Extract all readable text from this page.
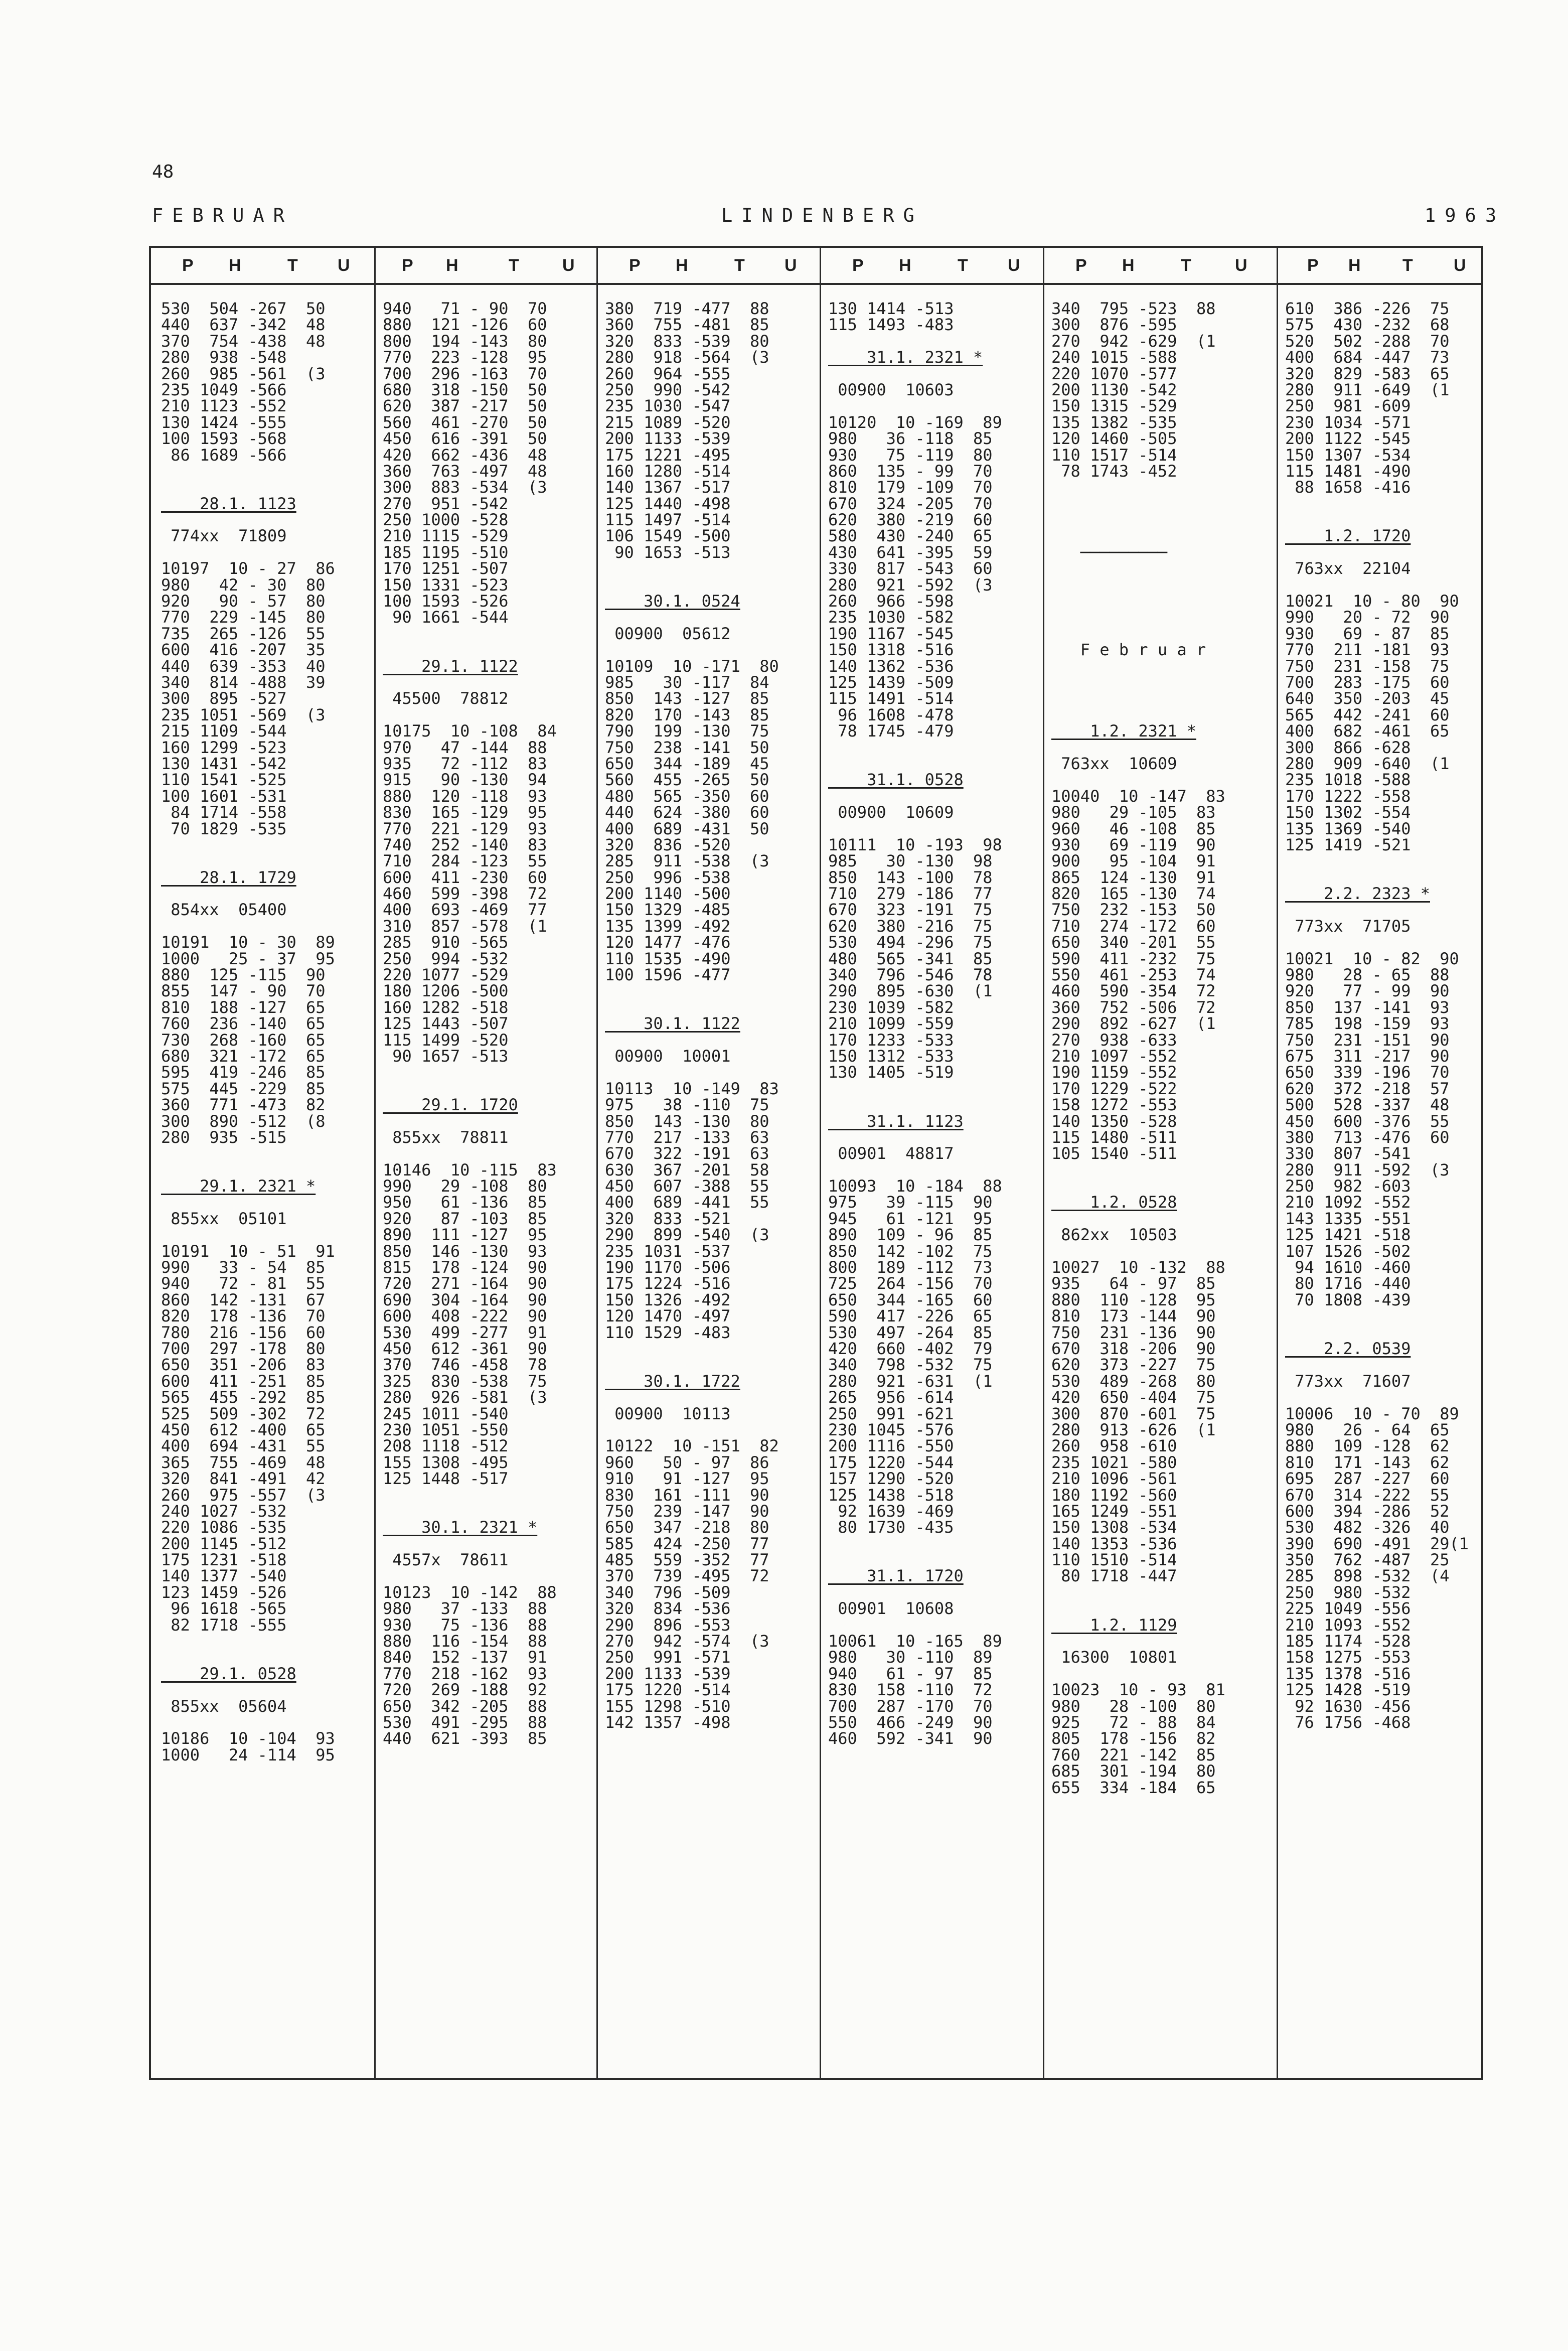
48
FEBRUAR	LINDENBERG	1963
P H	T U
530  504 -267  50
440  637 -342  48
370  754 -438  48
280  938 -548
260  985 -561  (3
235 1049 -566
210 1123 -552
130 1424 -555
100 1593 -568
86 1689 -566
28.1. 1123
774xx  71809
10197  10 - 27  86
980   42 - 30  80
920   90 - 57  80
770  229 -145  80
735  265 -126  55
600  416 -207  35
440  639 -353  40
340  814 -488  39
300  895 -527
235 1051 -569  (3
215 1109 -544
160 1299 -523
130 1431 -542
110 1541 -525
100 1601 -531
84 1714 -558
70 1829 -535
28.1. 1729
854xx  05400
10191  10 - 30  89
1000   25 - 37  95
880  125 -115  90
855  147 - 90  70
810  188 -127  65
760  236 -140  65
730  268 -160  65
680  321 -172  65
595  419 -246  85
575  445 -229  85
360  771 -473  82
300  890 -512  (8
280  935 -515
29.1. 2321 *
855xx  05101
10191  10 - 51  91
990   33 - 54  85
940   72 - 81  55
860  142 -131  67
820  178 -136  70
780  216 -156  60
700  297 -178  80
650  351 -206  83
600  411 -251  85
565  455 -292  85
525  509 -302  72
450  612 -400  65
400  694 -431  55
365  755 -469  48
320  841 -491  42
260  975 -557  (3
240 1027 -532
220 1086 -535
200 1145 -512
175 1231 -518
140 1377 -540
123 1459 -526
96 1618 -565
82 1718 -555
29.1. 0528
855xx  05604
10186  10 -104  93
1000   24 -114  95
P H	T	U
940   71 - 90  70
880  121 -126  60
800  194 -143  80
770  223 -128  95
700  296 -163  70
680  318 -150  50
620  387 -217  50
560  461 -270  50
450  616 -391  50
420  662 -436  48
360  763 -497  48
300  883 -534  (3
270  951 -542
250 1000 -528
210 1115 -529
185 1195 -510
170 1251 -507
150 1331 -523
100 1593 -526
90 1661 -544
29.1. 1122
45500  78812
10175  10 -108  84
970   47 -144  88
935   72 -112  83
915   90 -130  94
880  120 -118  93
830  165 -129  95
770  221 -129  93
740  252 -140  83
710  284 -123  55
600  411 -230  60
460  599 -398  72
400  693 -469  77
310  857 -578  (1
285  910 -565
250  994 -532
220 1077 -529
180 1206 -500
160 1282 -518
125 1443 -507
115 1499 -520
90 1657 -513
29.1. 1720
855xx  78811
10146  10 -115  83
990   29 -108  80
950   61 -136  85
920   87 -103  85
890  111 -127  95
850  146 -130  93
815  178 -124  90
720  271 -164  90
690  304 -164  90
600  408 -222  90
530  499 -277  91
450  612 -361  90
370  746 -458  78
325  830 -538  75
280  926 -581  (3
245 1011 -540
230 1051 -550
208 1118 -512
155 1308 -495
125 1448 -517
30.1. 2321 *
4557x  78611
10123  10 -142  88
980   37 -133  88
930   75 -136  88
880  116 -154  88
840  152 -137  91
770  218 -162  93
720  269 -188  92
650  342 -205  88
530  491 -295  88
440  621 -393  85
P H	T U
380  719 -477  88
360  755 -481  85
320  833 -539  80
280  918 -564  (3
260  964 -555
250  990 -542
235 1030 -547
215 1089 -520
200 1133 -539
175 1221 -495
160 1280 -514
140 1367 -517
125 1440 -498
115 1497 -514
106 1549 -500
90 1653 -513
30.1. 0524
00900  05612
10109  10 -171  80
985   30 -117  84
850  143 -127  85
820  170 -143  85
790  199 -130  75
750  238 -141  50
650  344 -189  45
560  455 -265  50
480  565 -350  60
440  624 -380  60
400  689 -431  50
320  836 -520
285  911 -538  (3
250  996 -538
200 1140 -500
150 1329 -485
135 1399 -492
120 1477 -476
110 1535 -490
100 1596 -477
30.1. 1122
00900  10001
10113  10 -149  83
975   38 -110  75
850  143 -130  80
770  217 -133  63
670  322 -191  63
630  367 -201  58
450  607 -388  55
400  689 -441  55
320  833 -521
290  899 -540  (3
235 1031 -537
190 1170 -506
175 1224 -516
150 1326 -492
120 1470 -497
110 1529 -483
30.1. 1722
00900  10113
10122  10 -151  82
960   50 - 97  86
910   91 -127  95
830  161 -111  90
750  239 -147  90
650  347 -218  80
585  424 -250  77
485  559 -352  77
370  739 -495  72
340  796 -509
320  834 -536
290  896 -553
270  942 -574  (3
250  991 -571
200 1133 -539
175 1220 -514
155 1298 -510
142 1357 -498
P H	T U
130 1414 -513
115 1493 -483
31.1. 2321 *
00900  10603
10120  10 -169  89
980   36 -118  85
930   75 -119  80
860  135 - 99  70
810  179 -109  70
670  324 -205  70
620  380 -219  60
580  430 -240  65
430  641 -395  59
330  817 -543  60
280  921 -592  (3
260  966 -598
235 1030 -582
190 1167 -545
150 1318 -516
140 1362 -536
125 1439 -509
115 1491 -514
96 1608 -478
78 1745 -479
31.1. 0528
00900  10609
10111  10 -193  98
985   30 -130  98
850  143 -100  78
710  279 -186  77
670  323 -191  75
620  380 -216  75
530  494 -296  75
480  565 -341  85
340  796 -546  78
290  895 -630  (1
230 1039 -582
210 1099 -559
170 1233 -533
150 1312 -533
130 1405 -519
31.1. 1123
00901  48817
10093  10 -184  88
975   39 -115  90
945   61 -121  95
890  109 - 96  85
850  142 -102  75
800  189 -112  73
725  264 -156  70
650  344 -165  60
590  417 -226  65
530  497 -264  85
420  660 -402  79
340  798 -532  75
280  921 -631  (1
265  956 -614
250  991 -621
230 1045 -576
200 1116 -550
175 1220 -544
157 1290 -520
125 1438 -518
92 1639 -469
80 1730 -435
31.1. 1720
00901  10608
10061  10 -165  89
980   30 -110  89
940   61 - 97  85
830  158 -110  72
700  287 -170  70
550  466 -249  90
460  592 -341  90
P H	T	U
340  795 -523  88
300  876 -595
270  942 -629  (1
240 1015 -588
220 1070 -577
200 1130 -542
150 1315 -529
135 1382 -535
120 1460 -505
110 1517 -514
78 1743 -452
─────────
F e b r u a r
1.2. 2321 *
763xx  10609
10040  10 -147  83
980   29 -105  83
960   46 -108  85
930   69 -119  90
900   95 -104  91
865  124 -130  91
820  165 -130  74
750  232 -153  50
710  274 -172  60
650  340 -201  55
590  411 -232  75
550  461 -253  74
460  590 -354  72
360  752 -506  72
290  892 -627  (1
270  938 -633
210 1097 -552
190 1159 -552
170 1229 -522
158 1272 -553
140 1350 -528
115 1480 -511
105 1540 -511
1.2. 0528
862xx  10503
10027  10 -132  88
935   64 - 97  85
880  110 -128  95
810  173 -144  90
750  231 -136  90
670  318 -206  90
620  373 -227  75
530  489 -268  80
420  650 -404  75
300  870 -601  75
280  913 -626  (1
260  958 -610
235 1021 -580
210 1096 -561
180 1192 -560
165 1249 -551
150 1308 -534
140 1353 -536
110 1510 -514
80 1718 -447
1.2. 1129
16300  10801
10023  10 - 93  81
980   28 -100  80
925   72 - 88  84
805  178 -156  82
760  221 -142  85
685  301 -194  80
655  334 -184  65
P H T U
610  386 -226  75
575  430 -232  68
520  502 -288  70
400  684 -447  73
320  829 -583  65
280  911 -649  (1
250  981 -609
230 1034 -571
200 1122 -545
150 1307 -534
115 1481 -490
88 1658 -416
1.2. 1720
763xx  22104
10021  10 - 80  90
990   20 - 72  90
930   69 - 87  85
770  211 -181  93
750  231 -158  75
700  283 -175  60
640  350 -203  45
565  442 -241  60
400  682 -461  65
300  866 -628
280  909 -640  (1
235 1018 -588
170 1222 -558
150 1302 -554
135 1369 -540
125 1419 -521
2.2. 2323 *
773xx  71705
10021  10 - 82  90
980   28 - 65  88
920   77 - 99  90
850  137 -141  93
785  198 -159  93
750  231 -151  90
675  311 -217  90
650  339 -196  70
620  372 -218  57
500  528 -337  48
450  600 -376  55
380  713 -476  60
330  807 -541
280  911 -592  (3
250  982 -603
210 1092 -552
143 1335 -551
125 1421 -518
107 1526 -502
94 1610 -460
80 1716 -440
70 1808 -439
2.2. 0539
773xx  71607
10006  10 - 70  89
980   26 - 64  65
880  109 -128  62
810  171 -143  62
695  287 -227  60
670  314 -222  55
600  394 -286  52
530  482 -326  40
390  690 -491  29(1
350  762 -487  25
285  898 -532  (4
250  980 -532
225 1049 -556
210 1093 -552
185 1174 -528
158 1275 -553
135 1378 -516
125 1428 -519
92 1630 -456
76 1756 -468
